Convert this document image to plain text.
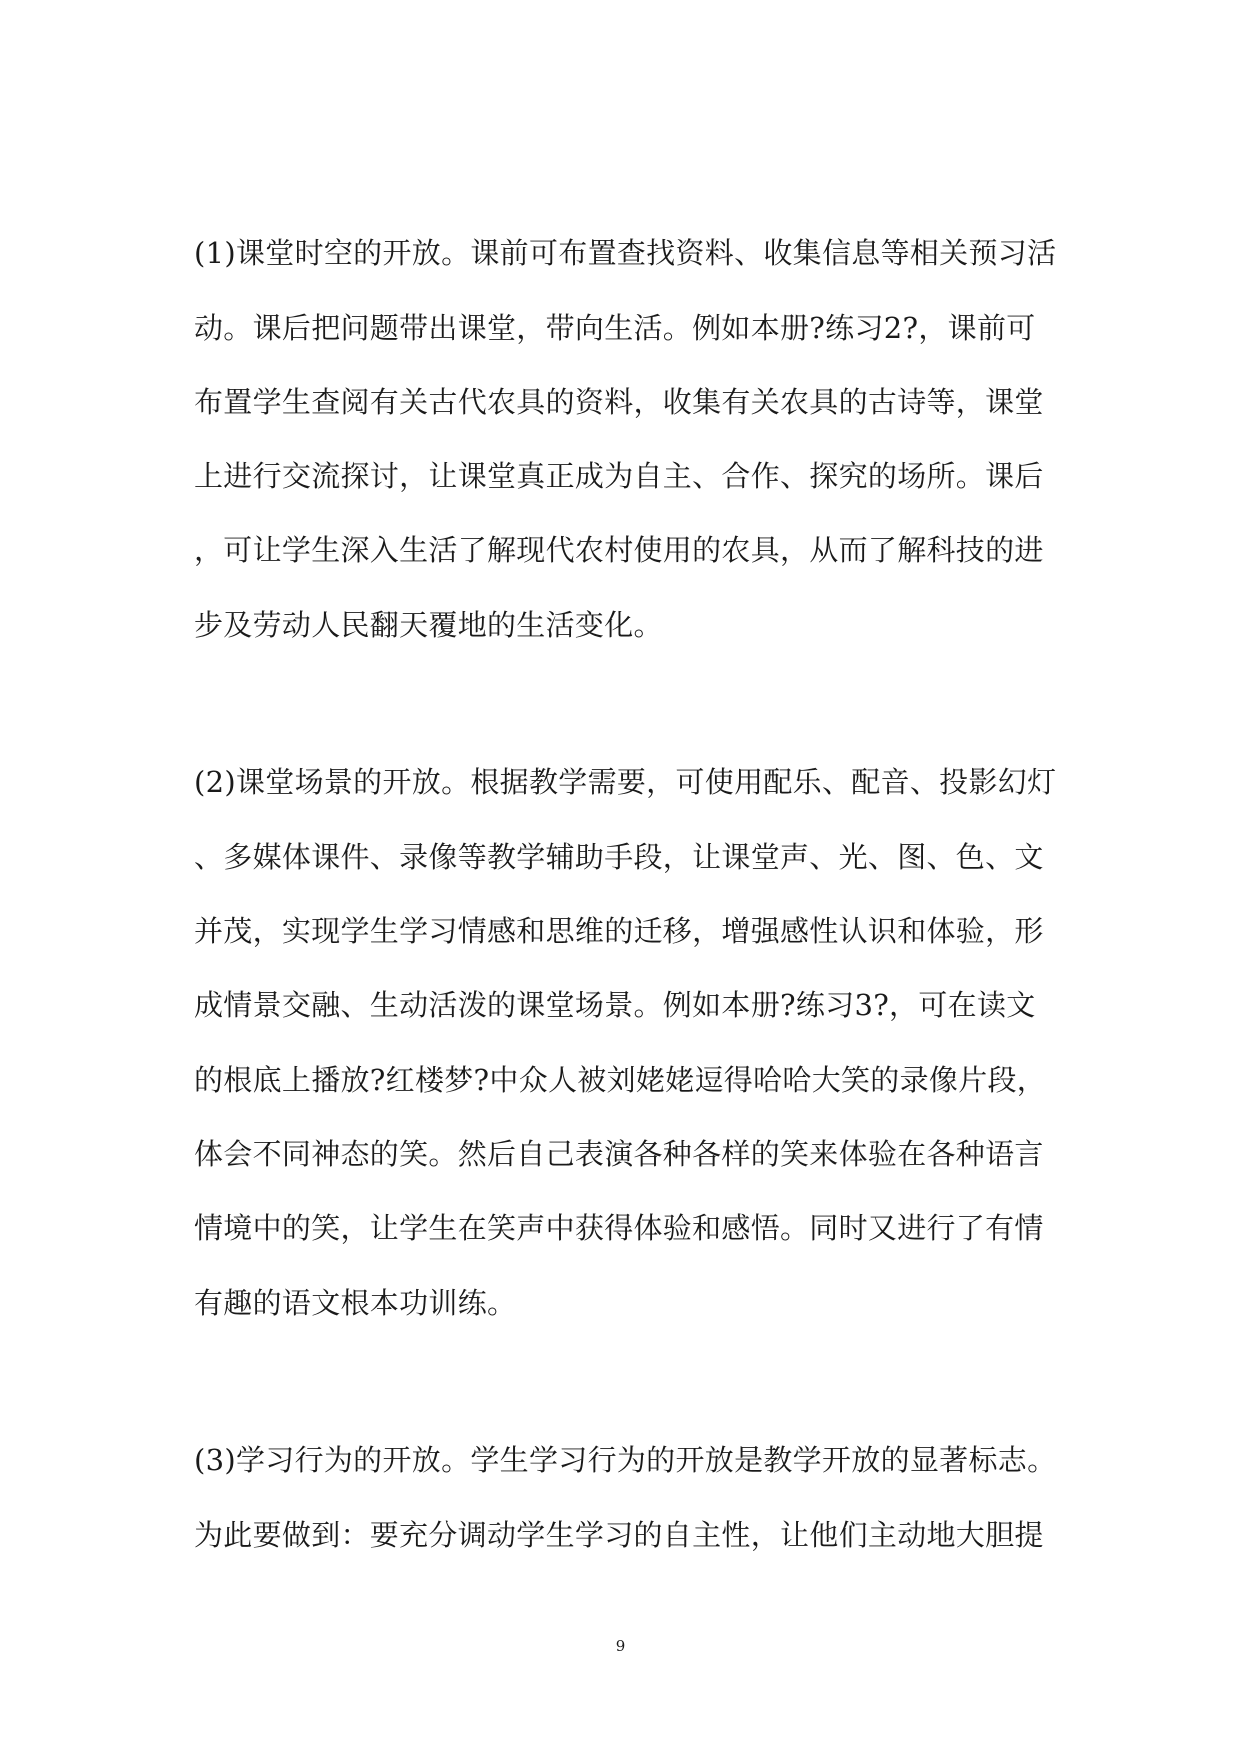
(1)课堂时空的开放。课前可布置查找资料、收集信息等相关预习活
动。课后把问题带出课堂，带向生活。例如本册?练习2?，课前可
布置学生查阅有关古代农具的资料，收集有关农具的古诗等，课堂
上进行交流探讨，让课堂真正成为自主、合作、探究的场所。课后
，可让学生深入生活了解现代农村使用的农具，从而了解科技的进
步及劳动人民翻天覆地的生活变化。
(2)课堂场景的开放。根据教学需要，可使用配乐、配音、投影幻灯
、多媒体课件、录像等教学辅助手段，让课堂声、光、图、色、文
并茂，实现学生学习情感和思维的迁移，增强感性认识和体验，形
成情景交融、生动活泼的课堂场景。例如本册?练习3?，可在读文
的根底上播放?红楼梦?中众人被刘姥姥逗得哈哈大笑的录像片段，
体会不同神态的笑。然后自己表演各种各样的笑来体验在各种语言
情境中的笑，让学生在笑声中获得体验和感悟。同时又进行了有情
有趣的语文根本功训练。
(3)学习行为的开放。学生学习行为的开放是教学开放的显著标志。
为此要做到：要充分调动学生学习的自主性，让他们主动地大胆提
9
